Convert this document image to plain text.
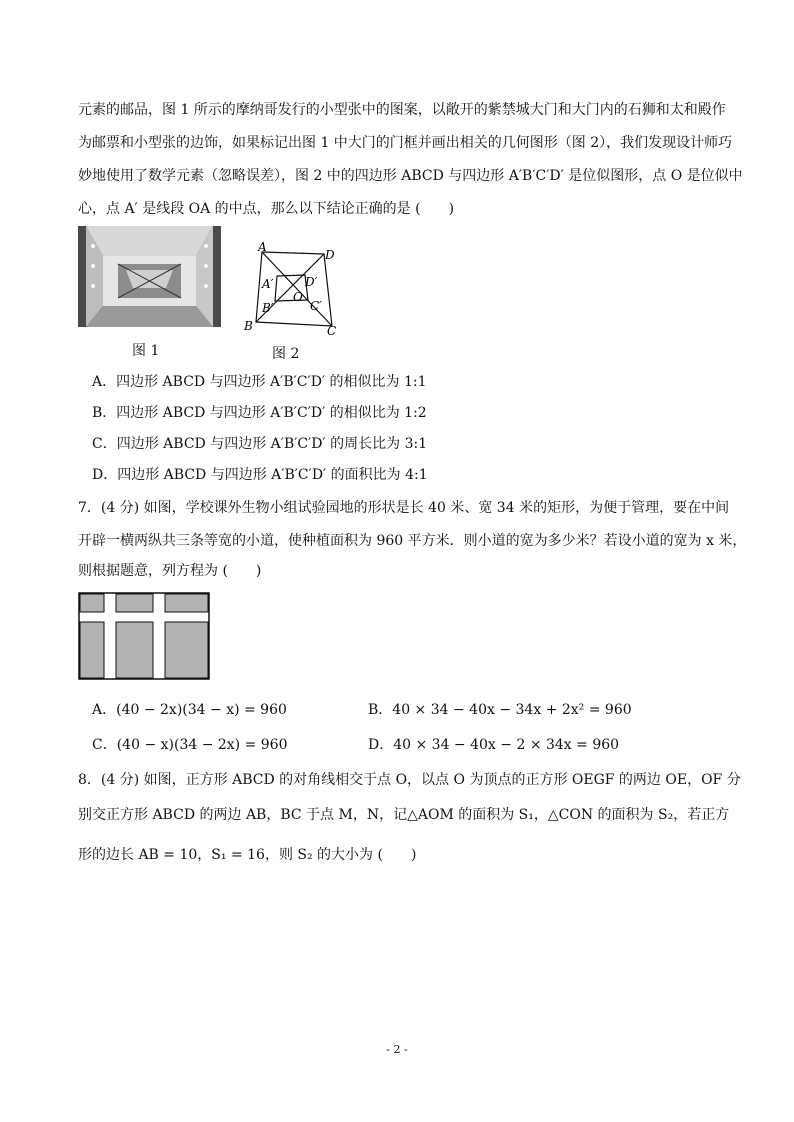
元素的邮品，图 1 所示的摩纳哥发行的小型张中的图案，以敞开的紫禁城大门和大门内的石狮和太和殿作
为邮票和小型张的边饰，如果标记出图 1 中大门的门框并画出相关的几何图形（图 2），我们发现设计师巧
妙地使用了数学元素（忽略误差），图 2 中的四边形 ABCD 与四边形 A′B′C′D′ 是位似图形，点 O 是位似中
心，点 A′ 是线段 OA 的中点，那么以下结论正确的是 (　　)
图 1
A
D
A′	D′
O
B′	C′
B	C
图 2
A．四边形 ABCD 与四边形 A′B′C′D′ 的相似比为 1:1
B．四边形 ABCD 与四边形 A′B′C′D′ 的相似比为 1:2
C．四边形 ABCD 与四边形 A′B′C′D′ 的周长比为 3:1
D．四边形 ABCD 与四边形 A′B′C′D′ 的面积比为 4:1
7．(4 分) 如图，学校课外生物小组试验园地的形状是长 40 米、宽 34 米的矩形，为便于管理，要在中间
开辟一横两纵共三条等宽的小道，使种植面积为 960 平方米．则小道的宽为多少米？若设小道的宽为 x 米，
则根据题意，列方程为 (　　)
A．(40 − 2x)(34 − x) = 960	B．40 × 34 − 40x − 34x + 2x² = 960
C．(40 − x)(34 − 2x) = 960	D．40 × 34 − 40x − 2 × 34x = 960
8．(4 分) 如图，正方形 ABCD 的对角线相交于点 O，以点 O 为顶点的正方形 OEGF 的两边 OE，OF 分
别交正方形 ABCD 的两边 AB，BC 于点 M，N，记△AOM 的面积为 S₁，△CON 的面积为 S₂，若正方
形的边长 AB = 10，S₁ = 16，则 S₂ 的大小为 (　　)
- 2 -
